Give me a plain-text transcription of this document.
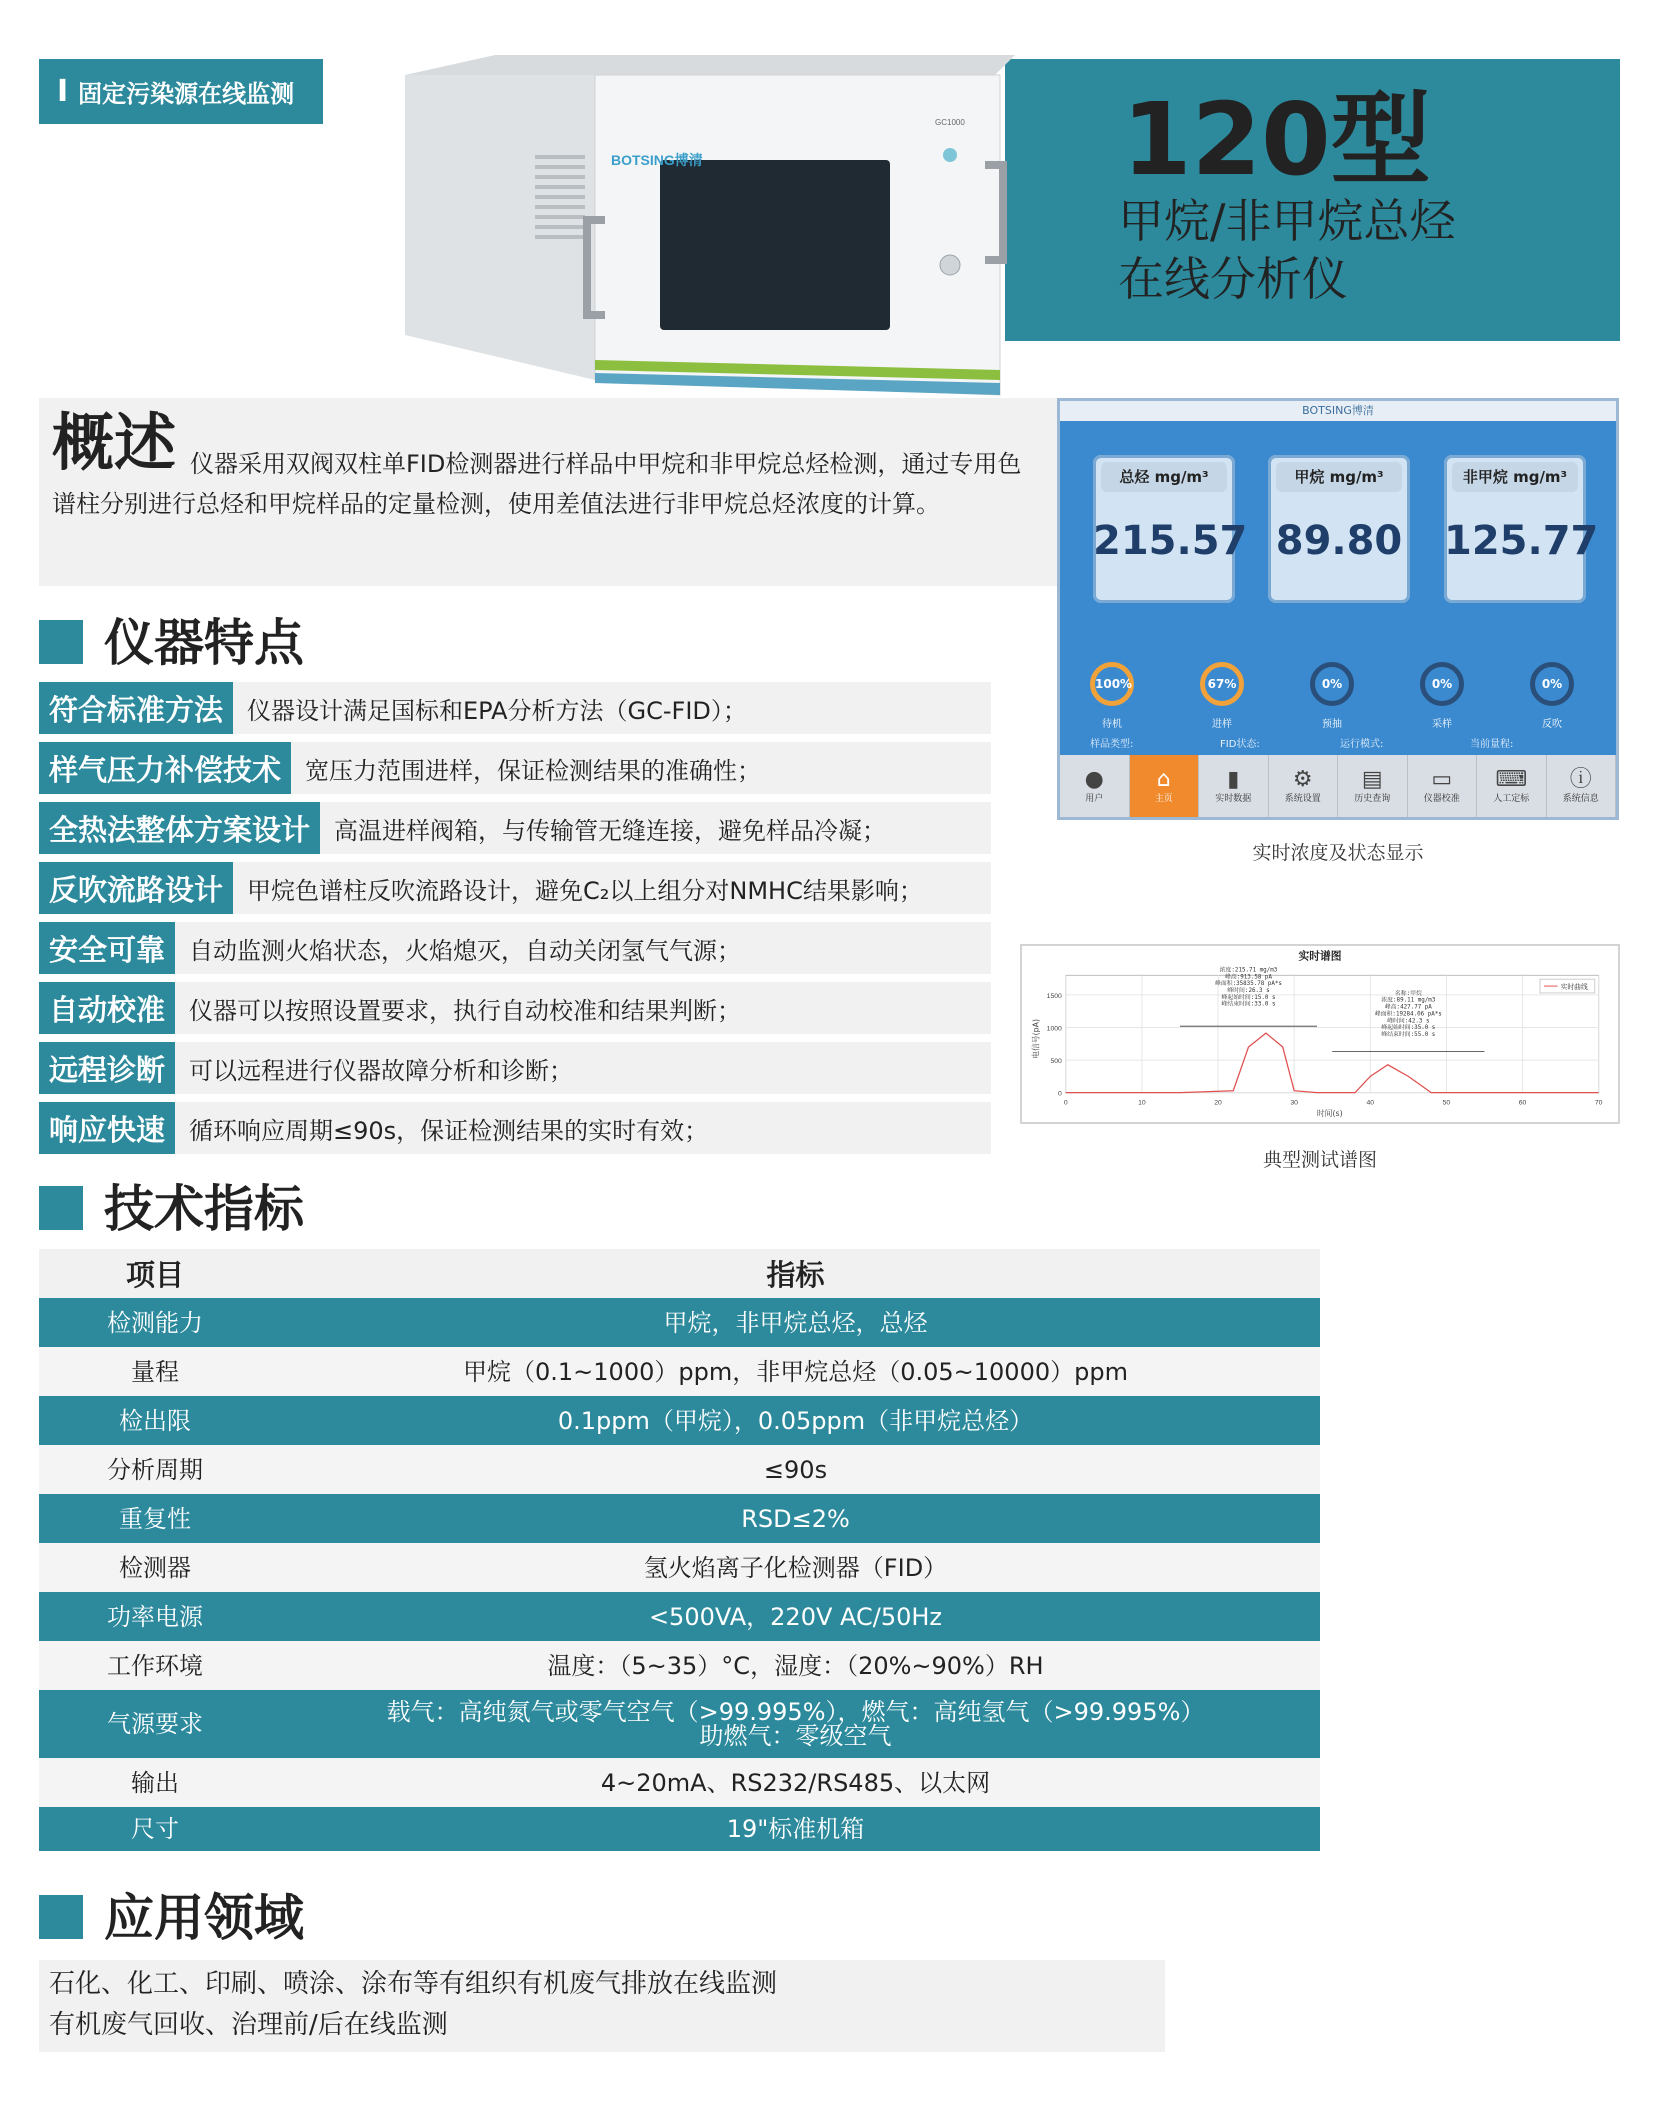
I 固定污染源在线监测	120型
甲烷/非甲烷总烃
在线分析仪
BOTSING博清
GC1000
概述 仪器采用双阀双柱单FID检测器进行样品中甲烷和非甲烷总烃检测，通过专用色谱柱分别进行总烃和甲烷样品的定量检测，使用差值法进行非甲烷总烃浓度的计算。
仪器特点
符合标准方法	仪器设计满足国标和EPA分析方法（GC-FID）；
样气压力补偿技术	宽压力范围进样，保证检测结果的准确性；
全热法整体方案设计	高温进样阀箱，与传输管无缝连接，避免样品冷凝；
反吹流路设计	甲烷色谱柱反吹流路设计，避免C₂以上组分对NMHC结果影响；
安全可靠	自动监测火焰状态，火焰熄灭，自动关闭氢气气源；
自动校准	仪器可以按照设置要求，执行自动校准和结果判断；
远程诊断	可以远程进行仪器故障分析和诊断；
响应快速	循环响应周期≤90s，保证检测结果的实时有效；
BOTSING博清
总烃 mg/m³
215.57
甲烷 mg/m³
89.80
非甲烷 mg/m³
125.77
100%
待机
67%
进样
0%
预抽
0%
采样
0%
反吹
样品类型:	FID状态:	运行模式:	当前量程:
●
用户
⌂
主页
▮
实时数据
⚙
系统设置
▤
历史查询
▭
仪器校准
⌨
人工定标
ⓘ
系统信息
实时浓度及状态显示
0	10	20	30	40	50	60	70
0
500
1000
1500
实时谱图
时间(s)
电信号(pA)
实时曲线
浓度:215.71 mg/m3
峰高:913.58 pA
峰面积:35835.78 pA*s
峰时间:26.3 s
峰起始时间:15.0 s
峰结束时间:33.0 s
名称:甲烷
浓度:89.11 mg/m3
峰高:427.77 pA
峰面积:19284.06 pA*s
峰时间:42.3 s
峰起始时间:35.0 s
峰结束时间:55.0 s
典型测试谱图
技术指标
项目	指标
检测能力	甲烷，非甲烷总烃，总烃
量程	甲烷（0.1~1000）ppm，非甲烷总烃（0.05~10000）ppm
检出限	0.1ppm（甲烷），0.05ppm（非甲烷总烃）
分析周期	≤90s
重复性	RSD≤2%
检测器	氢火焰离子化检测器（FID）
功率电源	<500VA，220V AC/50Hz
工作环境	温度：（5~35）°C，湿度：（20%~90%）RH
气源要求	载气：高纯氮气或零气空气（>99.995%），燃气：高纯氢气（>99.995%）
助燃气：零级空气
输出	4~20mA、RS232/RS485、以太网
尺寸	19"标准机箱
应用领域
石化、化工、印刷、喷涂、涂布等有组织有机废气排放在线监测
有机废气回收、治理前/后在线监测
